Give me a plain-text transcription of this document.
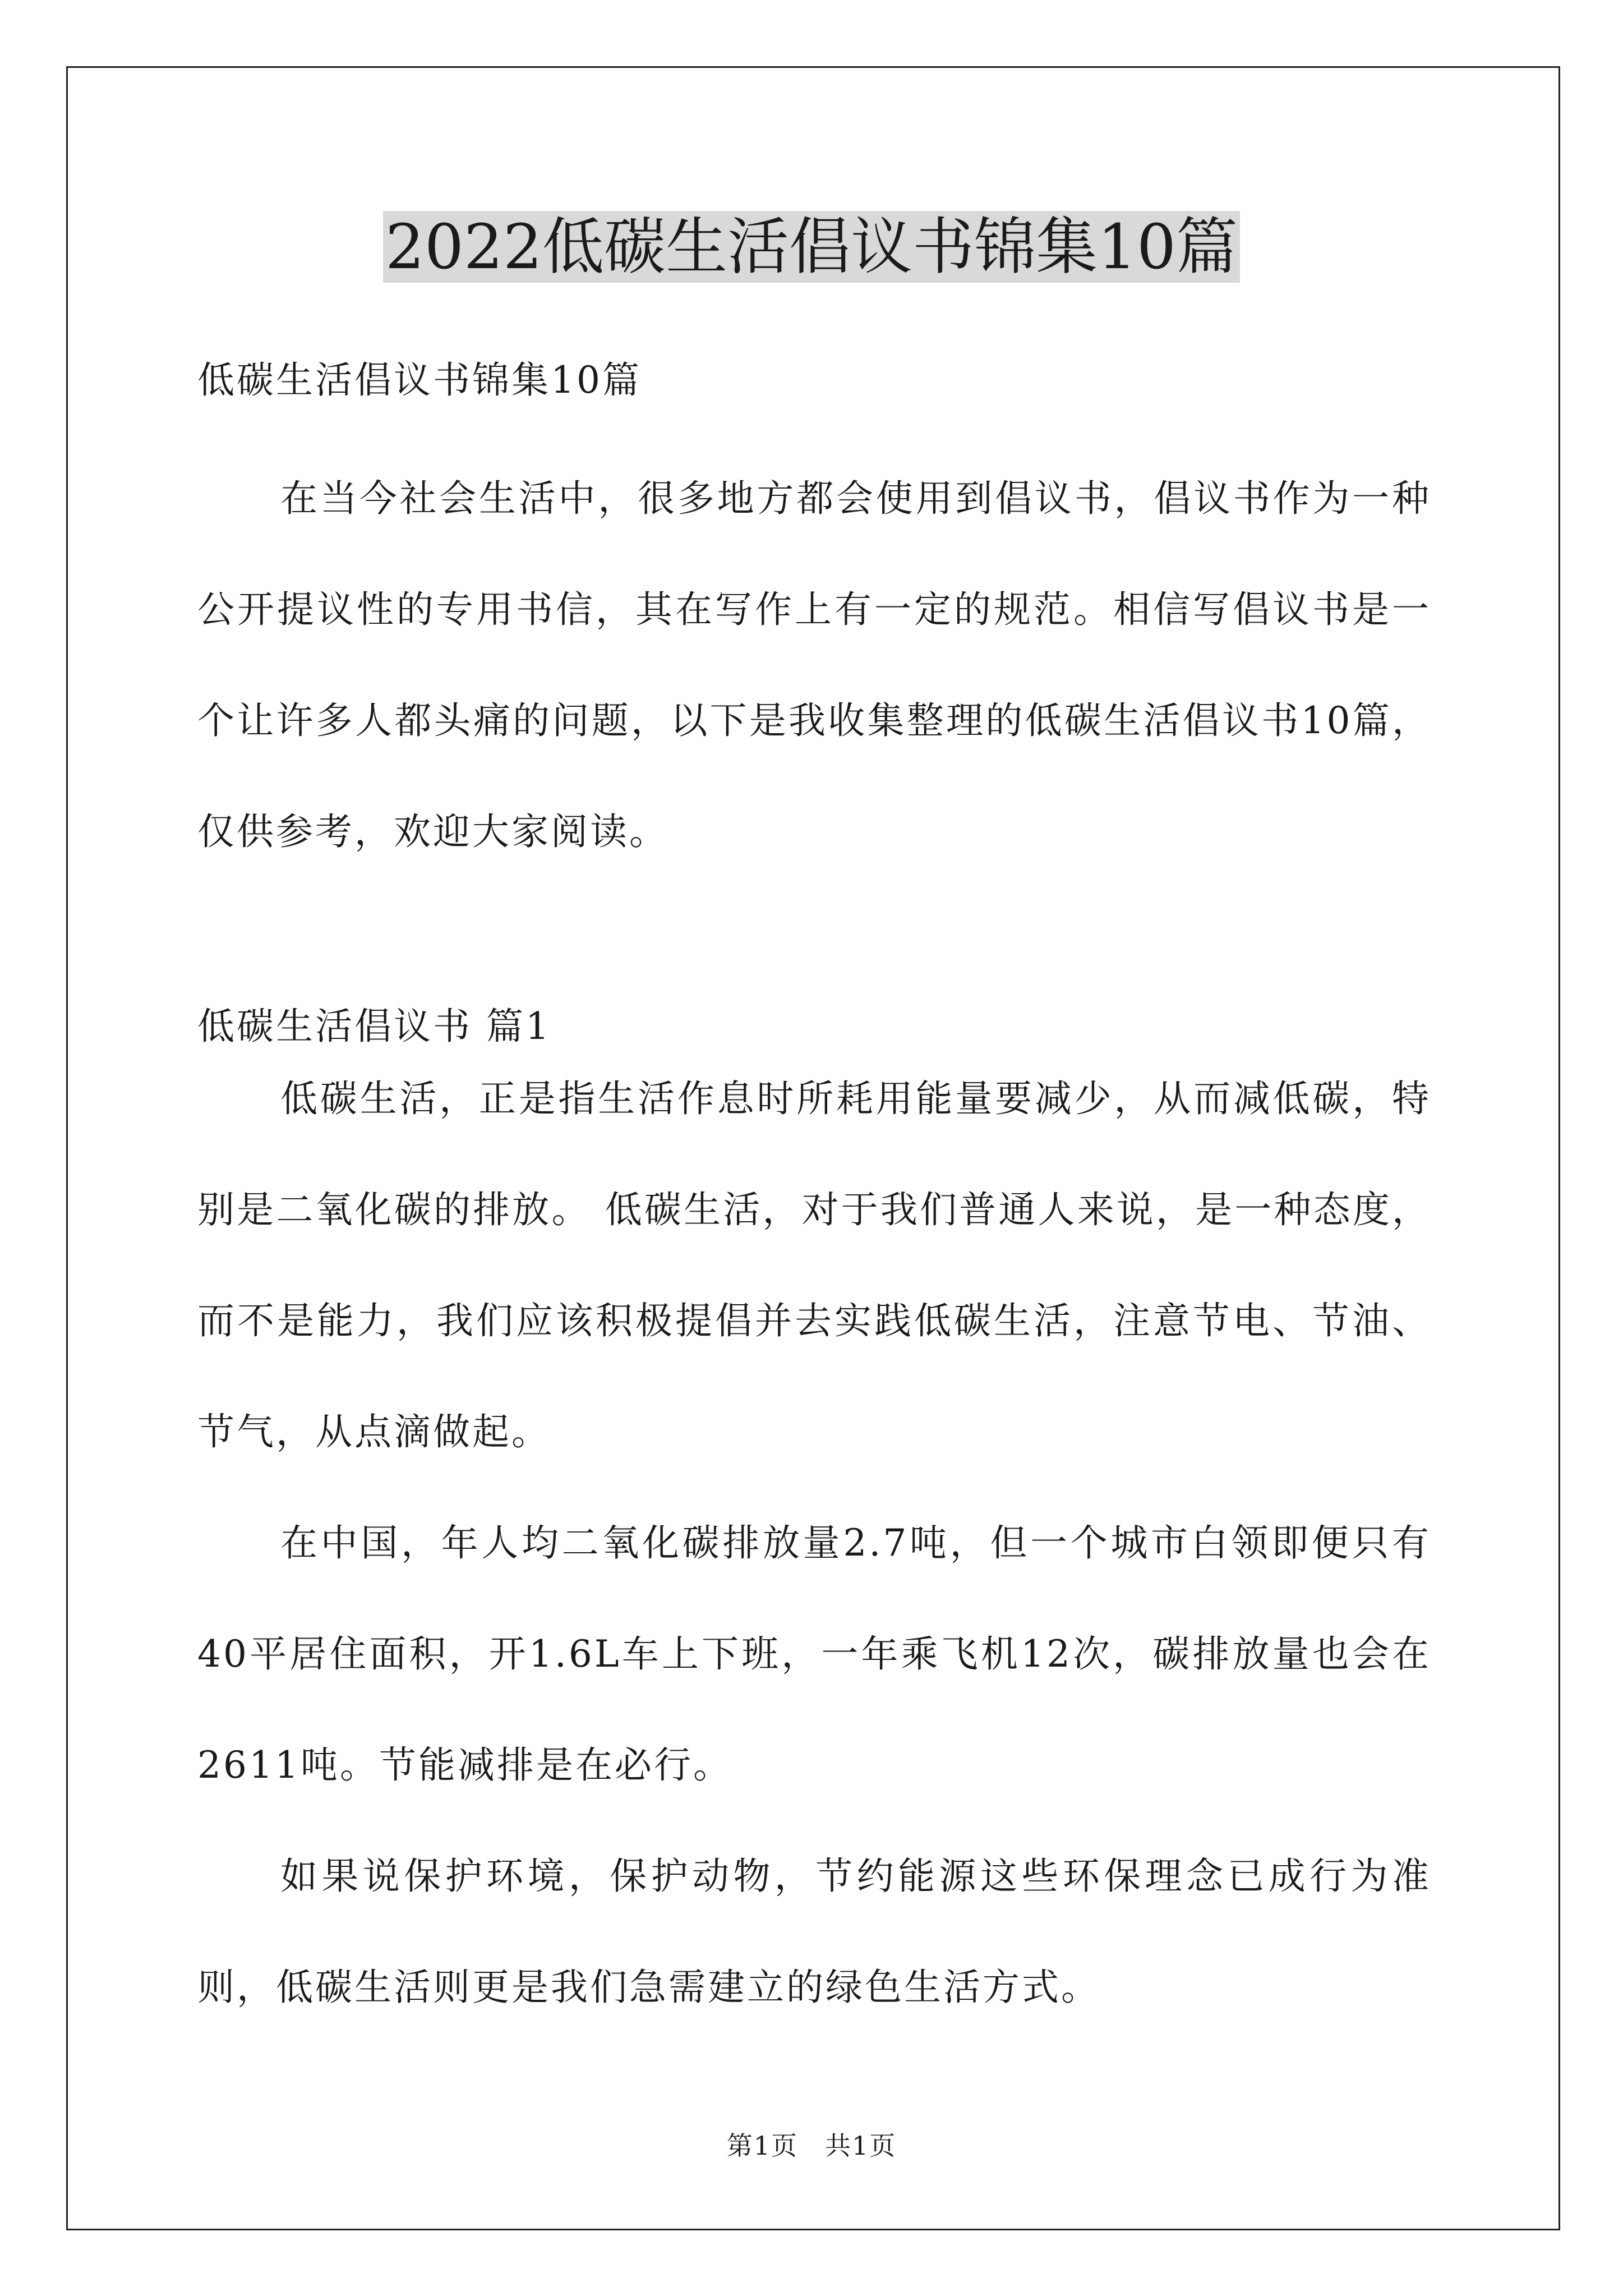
2022低碳生活倡议书锦集10篇
低碳生活倡议书锦集10篇

在当今社会生活中，很多地方都会使用到倡议书，倡议书作为一种公开提议性的专用书信，其在写作上有一定的规范。相信写倡议书是一个让许多人都头痛的问题，以下是我收集整理的低碳生活倡议书10篇，仅供参考，欢迎大家阅读。

低碳生活倡议书 篇1

低碳生活，正是指生活作息时所耗用能量要减少，从而减低碳，特别是二氧化碳的排放。 低碳生活，对于我们普通人来说，是一种态度，而不是能力，我们应该积极提倡并去实践低碳生活，注意节电、节油、节气，从点滴做起。

在中国，年人均二氧化碳排放量2.7吨，但一个城市白领即便只有40平居住面积，开1.6L车上下班，一年乘飞机12次，碳排放量也会在2611吨。节能减排是在必行。

如果说保护环境，保护动物，节约能源这些环保理念已成行为准则，低碳生活则更是我们急需建立的绿色生活方式。

第1页　共1页
